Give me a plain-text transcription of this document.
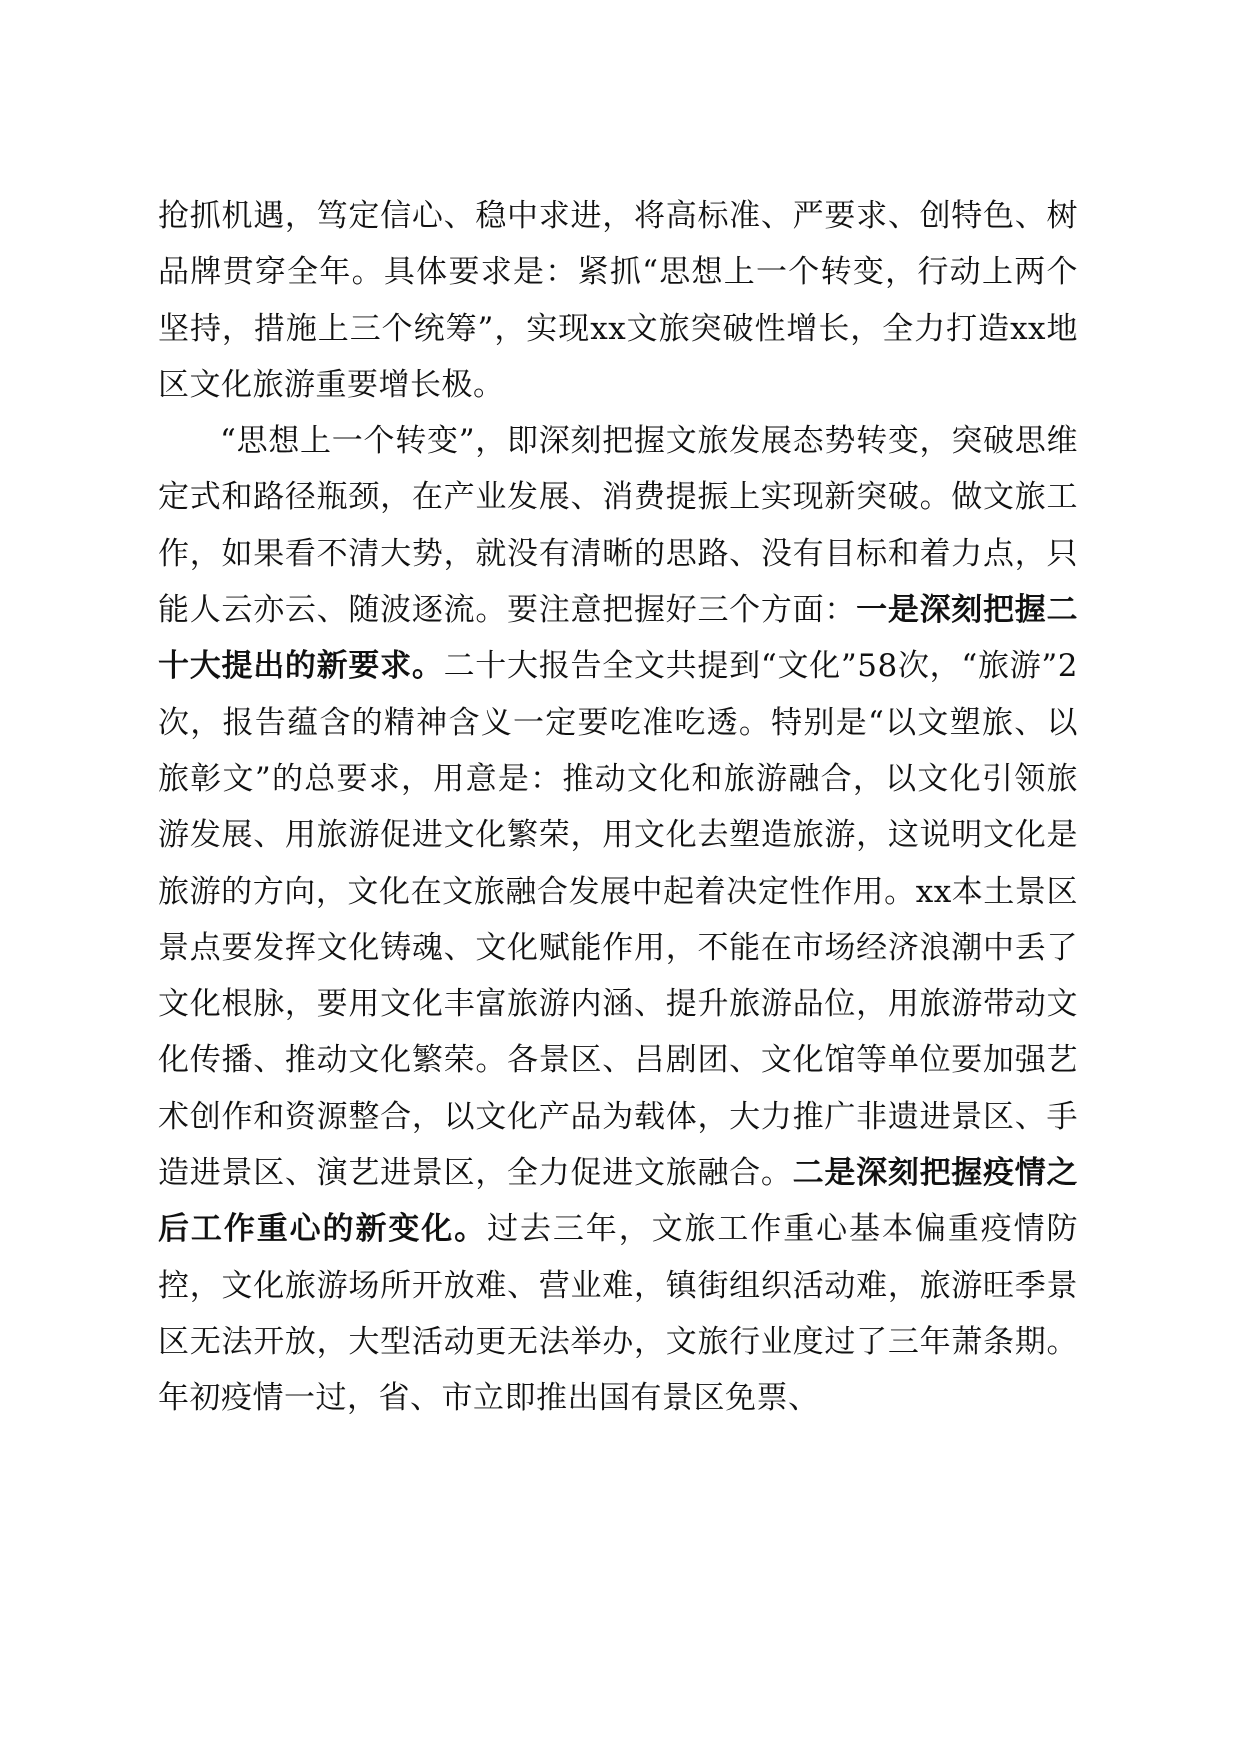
抢抓机遇，笃定信心、稳中求进，将高标准、严要求、创特色、树品牌贯穿全年。具体要求是：紧抓“思想上一个转变，行动上两个坚持，措施上三个统筹”，实现xx文旅突破性增长，全力打造xx地区文化旅游重要增长极。

“思想上一个转变”，即深刻把握文旅发展态势转变，突破思维定式和路径瓶颈，在产业发展、消费提振上实现新突破。做文旅工作，如果看不清大势，就没有清晰的思路、没有目标和着力点，只能人云亦云、随波逐流。要注意把握好三个方面：一是深刻把握二十大提出的新要求。二十大报告全文共提到“文化”58次，“旅游”2次，报告蕴含的精神含义一定要吃准吃透。特别是“以文塑旅、以旅彰文”的总要求，用意是：推动文化和旅游融合，以文化引领旅游发展、用旅游促进文化繁荣，用文化去塑造旅游，这说明文化是旅游的方向，文化在文旅融合发展中起着决定性作用。xx本土景区景点要发挥文化铸魂、文化赋能作用，不能在市场经济浪潮中丢了文化根脉，要用文化丰富旅游内涵、提升旅游品位，用旅游带动文化传播、推动文化繁荣。各景区、吕剧团、文化馆等单位要加强艺术创作和资源整合，以文化产品为载体，大力推广非遗进景区、手造进景区、演艺进景区，全力促进文旅融合。二是深刻把握疫情之后工作重心的新变化。过去三年，文旅工作重心基本偏重疫情防控，文化旅游场所开放难、营业难，镇街组织活动难，旅游旺季景区无法开放，大型活动更无法举办，文旅行业度过了三年萧条期。年初疫情一过，省、市立即推出国有景区免票、
